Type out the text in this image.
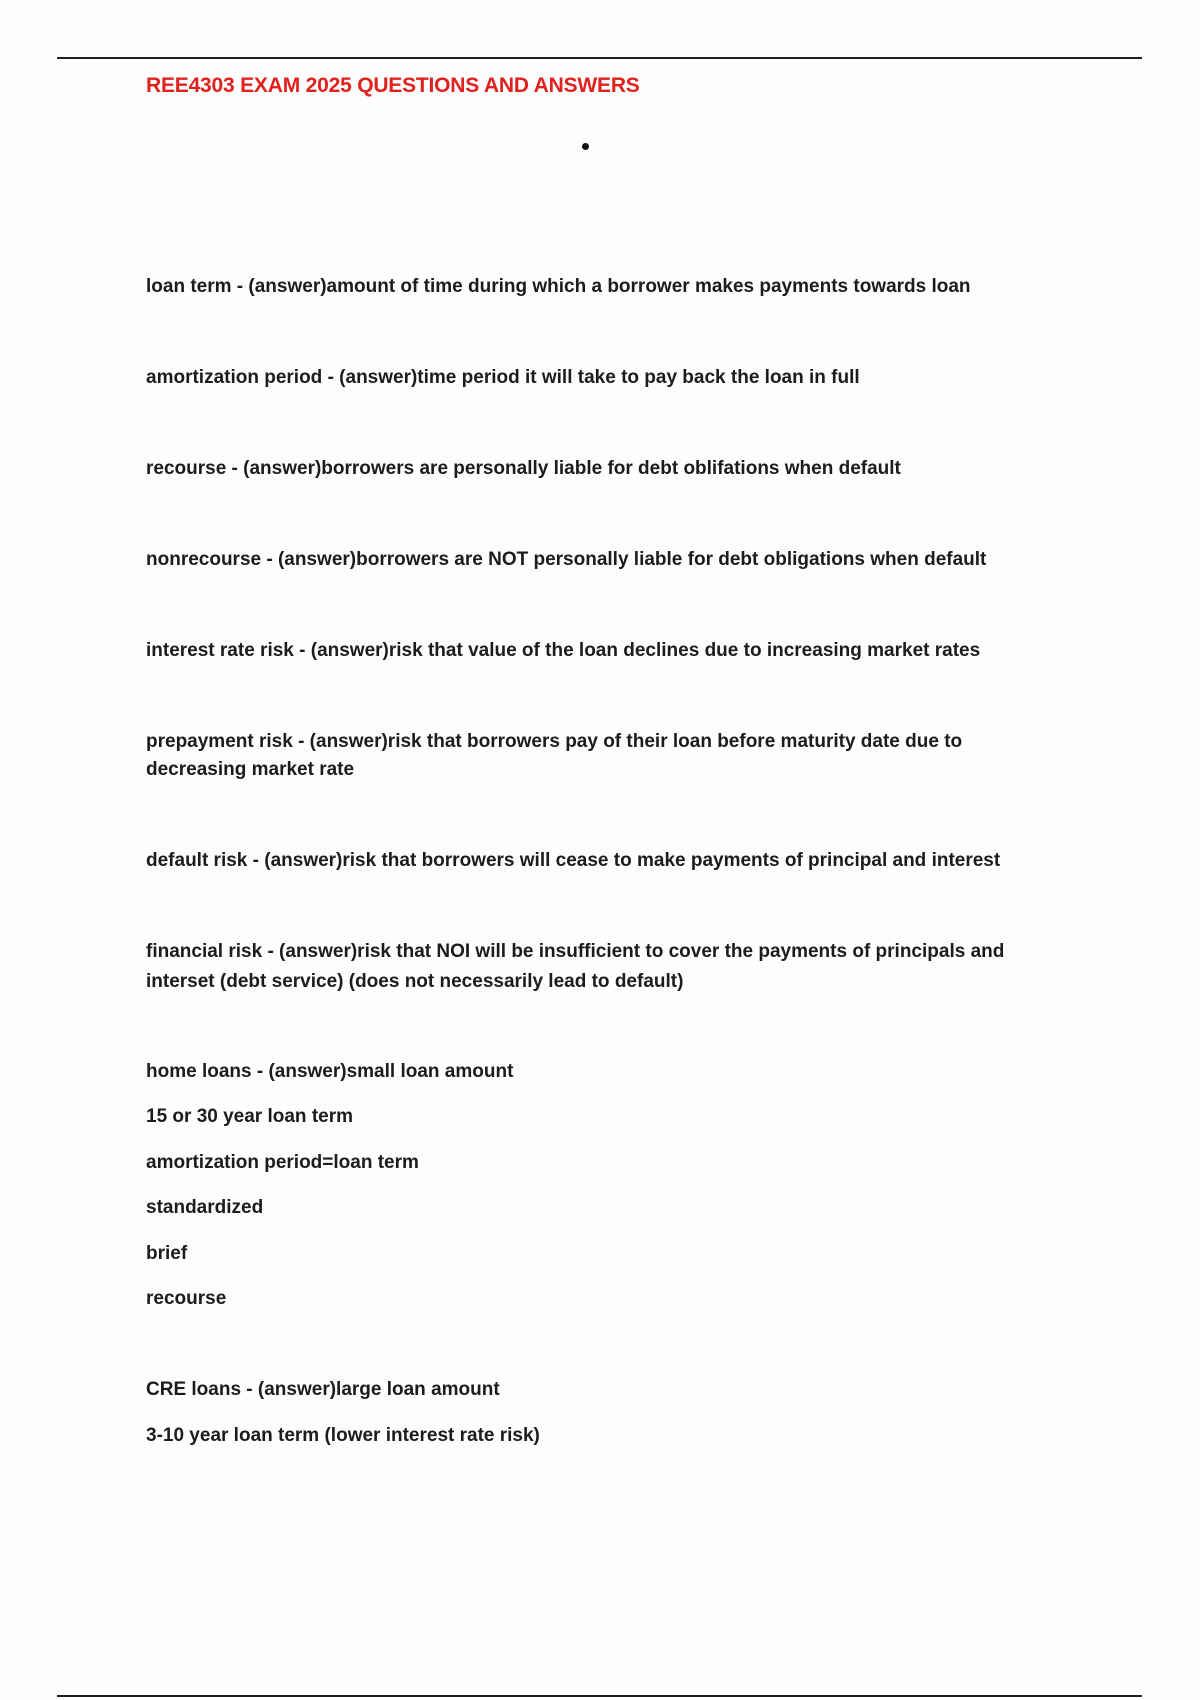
REE4303 EXAM 2025 QUESTIONS AND ANSWERS

loan term - (answer)amount of time during which a borrower makes payments towards loan

amortization period - (answer)time period it will take to pay back the loan in full

recourse - (answer)borrowers are personally liable for debt oblifations when default

nonrecourse - (answer)borrowers are NOT personally liable for debt obligations when default

interest rate risk - (answer)risk that value of the loan declines due to increasing market rates

prepayment risk - (answer)risk that borrowers pay of their loan before maturity date due to

decreasing market rate

default risk - (answer)risk that borrowers will cease to make payments of principal and interest

financial risk - (answer)risk that NOI will be insufficient to cover the payments of principals and

interset (debt service) (does not necessarily lead to default)

home loans - (answer)small loan amount

15 or 30 year loan term

amortization period=loan term

standardized

brief

recourse

CRE loans - (answer)large loan amount

3-10 year loan term (lower interest rate risk)
